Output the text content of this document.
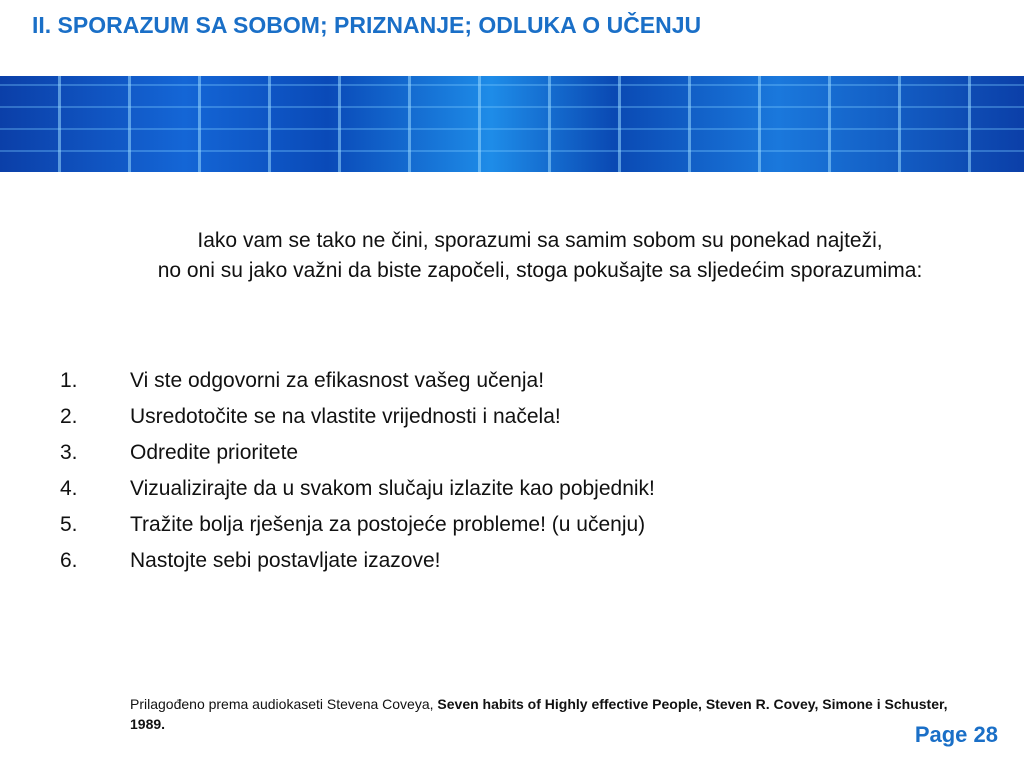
II. SPORAZUM SA SOBOM; PRIZNANJE; ODLUKA O UČENJU

Iako vam se tako ne čini, sporazumi sa samim sobom su ponekad najteži,

no oni su jako važni da biste započeli, stoga pokušajte sa sljedećim sporazumima:

1. Vi ste odgovorni za efikasnost vašeg učenja!
2. Usredotočite se na vlastite vrijednosti i načela!
3. Odredite prioritete
4. Vizualizirajte da u svakom slučaju izlazite kao pobjednik!
5. Tražite bolja rješenja za postojeće probleme! (u učenju)
6. Nastojte sebi postavljate izazove!
Prilagođeno prema audiokaseti Stevena Coveya, Seven habits of Highly effective People, Steven R. Covey, Simone i Schuster, 1989.	Page 28
